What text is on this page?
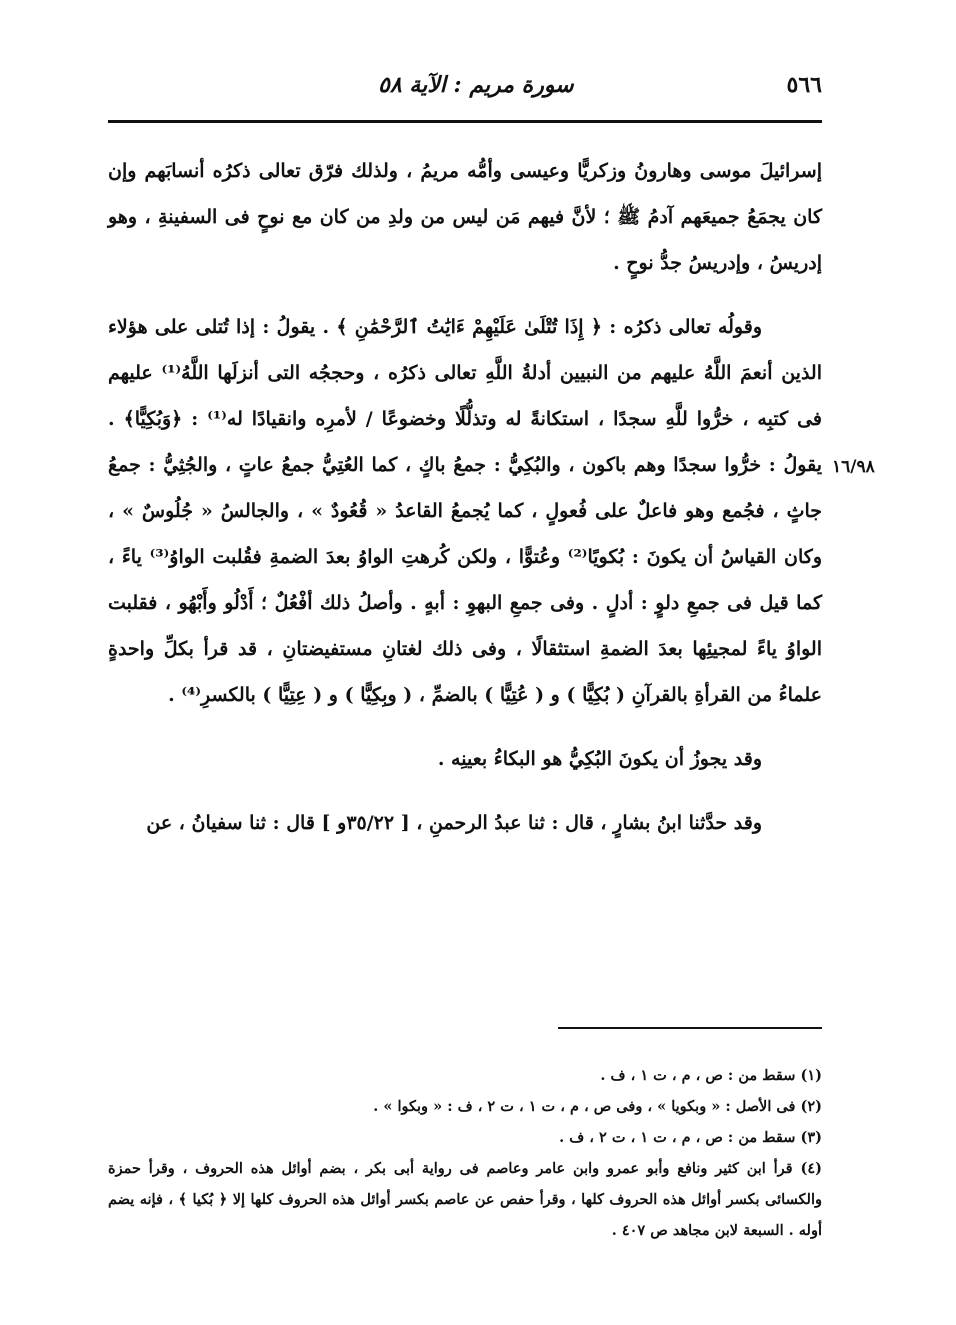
٥٦٦
سورة مريم : الآية ٥٨
١٦/٩٨

إسرائيلَ موسى وهارونُ وزكريًّا وعيسى وأمُّه مريمُ ، ولذلك فرّق تعالى ذكرُه أنسابَهم وإن كان يجمَعُ جميعَهم آدمُ ﷺ ؛ لأنَّ فيهم مَن ليس من ولدِ من كان مع نوحٍ فى السفينةِ ، وهو إدريسُ ، وإدريسُ جدُّ نوحٍ .

وقولُه تعالى ذكرُه : ﴿ إِذَا تُتْلَىٰ عَلَيْهِمْ ءَايَٰتُ ٱلرَّحْمَٰنِ ﴾ . يقولُ : إذا تُتلى على هؤلاء الذين أنعمَ اللَّهُ عليهم من النبيين أدلةُ اللَّهِ تعالى ذكرُه ، وحججُه التى أنزلَها اللَّهُ⁽¹⁾ عليهم فى كتبِه ، خرُّوا للَّهِ سجدًا ، استكانةً له وتذلُّلًا وخضوعًا / لأمرِه وانقيادًا له⁽¹⁾ : ﴿وَبُكِيًّا﴾ . يقولُ : خرُّوا سجدًا وهم باكون ، والبُكِيُّ : جمعُ باكٍ ، كما العُتِيُّ جمعُ عاتٍ ، والجُثِيُّ : جمعُ جاثٍ ، فجُمع وهو فاعلٌ على فُعولٍ ، كما يُجمعُ القاعدُ « قُعُودٌ » ، والجالسُ « جُلُوسٌ » ، وكان القياسُ أن يكونَ : بُكويًا⁽²⁾ وعُتوًّا ، ولكن كُرهتِ الواوُ بعدَ الضمةِ فقُلبت الواوُ⁽³⁾ ياءً ، كما قيل فى جمعِ دلوٍ : أدلٍ . وفى جمعِ البهوِ : أبهٍ . وأصلُ ذلك أفْعُلٌ ؛ أَدْلُو وأَبْهُو ، فقلبت الواوُ ياءً لمجيئِها بعدَ الضمةِ استثقالًا ، وفى ذلك لغتانِ مستفيضتانِ ، قد قرأ بكلِّ واحدةٍ علماءُ من القرأةِ بالقرآنِ ( بُكِيًّا ) و ( عُتِيًّا ) بالضمِّ ، ( وبِكِيًّا ) و ( عِتِيًّا ) بالكسرِ⁽⁴⁾ .

وقد يجوزُ أن يكونَ البُكِيُّ هو البكاءُ بعينِه .

وقد حدَّثنا ابنُ بشارٍ ، قال : ثنا عبدُ الرحمنِ ، [ ٣٥/٢٢و ] قال : ثنا سفيانُ ، عن

(١) سقط من : ص ، م ، ت ١ ، ف .

(٢) فى الأصل : « وبكويا » ، وفى ص ، م ، ت ١ ، ت ٢ ، ف : « وبكوا » .

(٣) سقط من : ص ، م ، ت ١ ، ت ٢ ، ف .

(٤) قرأ ابن كثير ونافع وأبو عمرو وابن عامر وعاصم فى رواية أبى بكر ، بضم أوائل هذه الحروف ، وقرأ حمزة والكسائى بكسر أوائل هذه الحروف كلها ، وقرأ حفص عن عاصم بكسر أوائل هذه الحروف كلها إلا ﴿ بُكيا ﴾ ، فإنه يضم أوله . السبعة لابن مجاهد ص ٤٠٧ .
